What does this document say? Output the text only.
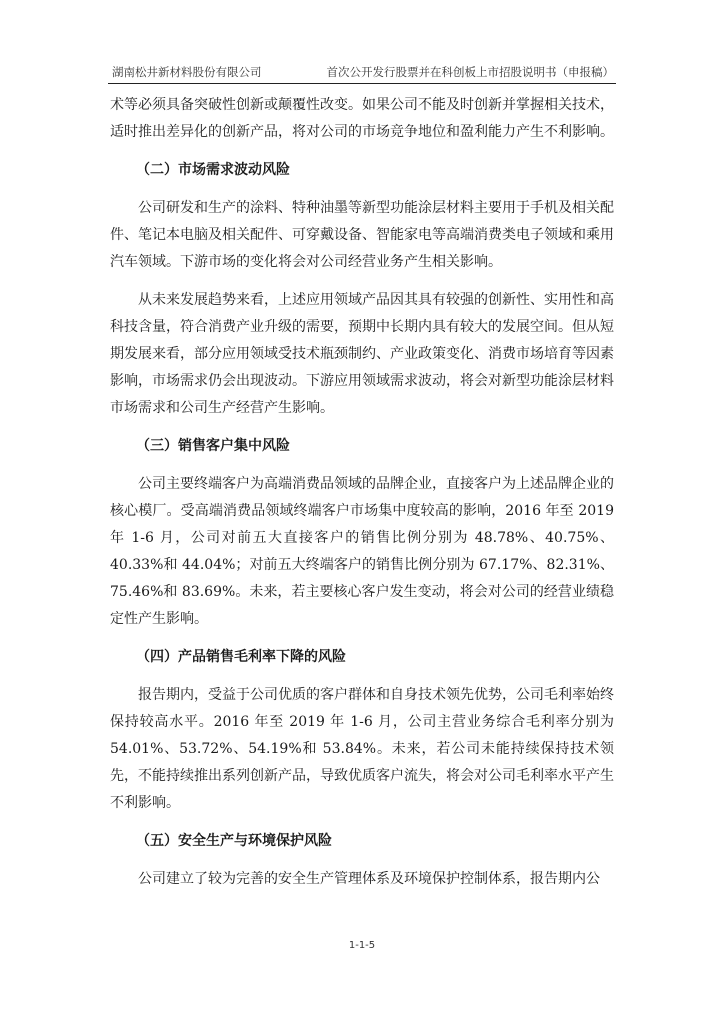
湖南松井新材料股份有限公司	首次公开发行股票并在科创板上市招股说明书（申报稿）

术等必须具备突破性创新或颠覆性改变。如果公司不能及时创新并掌握相关技术，适时推出差异化的创新产品，将对公司的市场竞争地位和盈利能力产生不利影响。

（二）市场需求波动风险

公司研发和生产的涂料、特种油墨等新型功能涂层材料主要用于手机及相关配件、笔记本电脑及相关配件、可穿戴设备、智能家电等高端消费类电子领域和乘用汽车领域。下游市场的变化将会对公司经营业务产生相关影响。

从未来发展趋势来看，上述应用领域产品因其具有较强的创新性、实用性和高科技含量，符合消费产业升级的需要，预期中长期内具有较大的发展空间。但从短期发展来看，部分应用领域受技术瓶颈制约、产业政策变化、消费市场培育等因素影响，市场需求仍会出现波动。下游应用领域需求波动，将会对新型功能涂层材料市场需求和公司生产经营产生影响。

（三）销售客户集中风险

公司主要终端客户为高端消费品领域的品牌企业，直接客户为上述品牌企业的核心模厂。受高端消费品领域终端客户市场集中度较高的影响，2016 年至 2019 年 1-6 月，公司对前五大直接客户的销售比例分别为 48.78%、40.75%、40.33%和 44.04%；对前五大终端客户的销售比例分别为 67.17%、82.31%、75.46%和 83.69%。未来，若主要核心客户发生变动，将会对公司的经营业绩稳定性产生影响。

（四）产品销售毛利率下降的风险

报告期内，受益于公司优质的客户群体和自身技术领先优势，公司毛利率始终保持较高水平。2016 年至 2019 年 1-6 月，公司主营业务综合毛利率分别为 54.01%、53.72%、54.19%和 53.84%。未来，若公司未能持续保持技术领先，不能持续推出系列创新产品，导致优质客户流失，将会对公司毛利率水平产生不利影响。

（五）安全生产与环境保护风险

公司建立了较为完善的安全生产管理体系及环境保护控制体系，报告期内公

1-1-5
